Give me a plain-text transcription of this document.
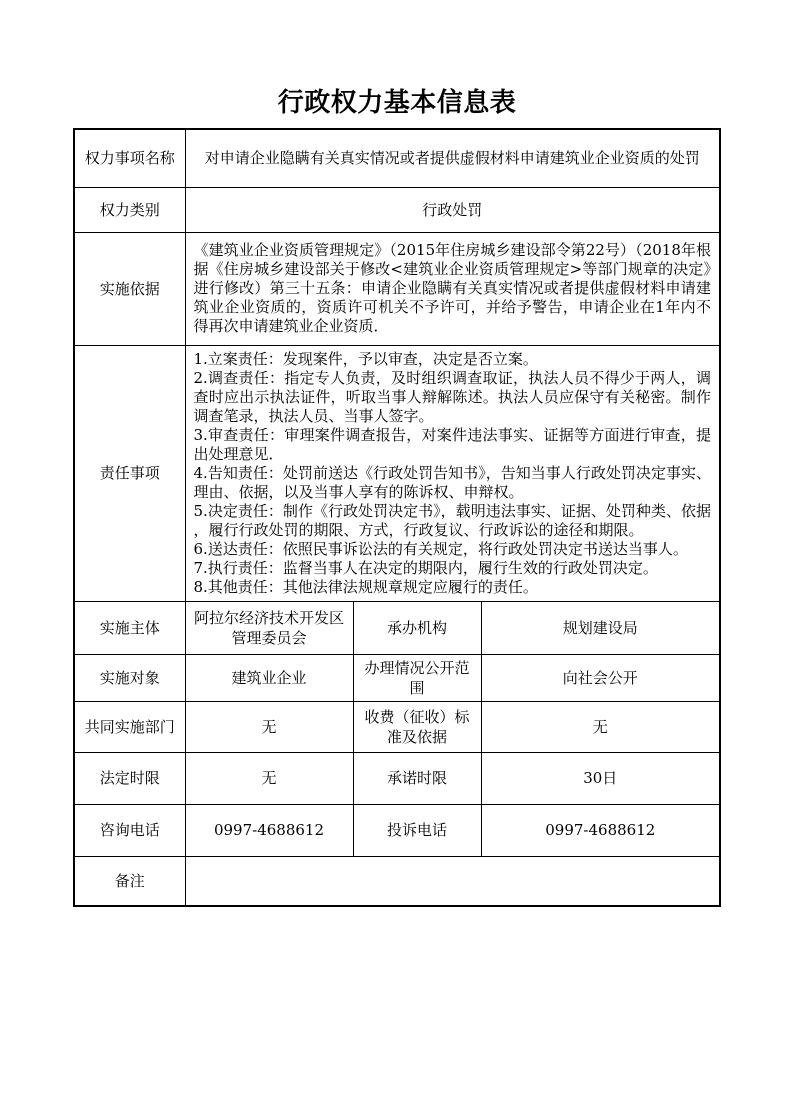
行政权力基本信息表
权力事项名称	对申请企业隐瞒有关真实情况或者提供虚假材料申请建筑业企业资质的处罚		
权力类别	行政处罚		
实施依据	《建筑业企业资质管理规定》（2015年住房城乡建设部令第22号）（2018年根据《住房城乡建设部关于修改<建筑业企业资质管理规定>等部门规章的决定》进行修改）第三十五条：申请企业隐瞒有关真实情况或者提供虚假材料申请建筑业企业资质的，资质许可机关不予许可，并给予警告，申请企业在1年内不得再次申请建筑业企业资质．		
责任事项	
1.立案责任：发现案件，予以审查，决定是否立案。
2.调查责任：指定专人负责，及时组织调查取证，执法人员不得少于两人，调查时应出示执法证件，听取当事人辩解陈述。执法人员应保守有关秘密。制作调查笔录，执法人员、当事人签字。
3.审查责任：审理案件调查报告，对案件违法事实、证据等方面进行审查，提出处理意见．
4.告知责任：处罚前送达《行政处罚告知书》，告知当事人行政处罚决定事实、理由、依据，以及当事人享有的陈诉权、申辩权。
5.决定责任：制作《行政处罚决定书》，载明违法事实、证据、处罚种类、依据，履行行政处罚的期限、方式，行政复议、行政诉讼的途径和期限。
6.送达责任：依照民事诉讼法的有关规定，将行政处罚决定书送达当事人。
7.执行责任：监督当事人在决定的期限内，履行生效的行政处罚决定。
8.其他责任：其他法律法规规章规定应履行的责任。

实施主体	阿拉尔经济技术开发区管理委员会	承办机构	规划建设局
实施对象	建筑业企业	办理情况公开范围	向社会公开
共同实施部门	无	收费（征收）标准及依据	无
法定时限	无	承诺时限	30日
咨询电话	0997-4688612	投诉电话	0997-4688612
备注			
